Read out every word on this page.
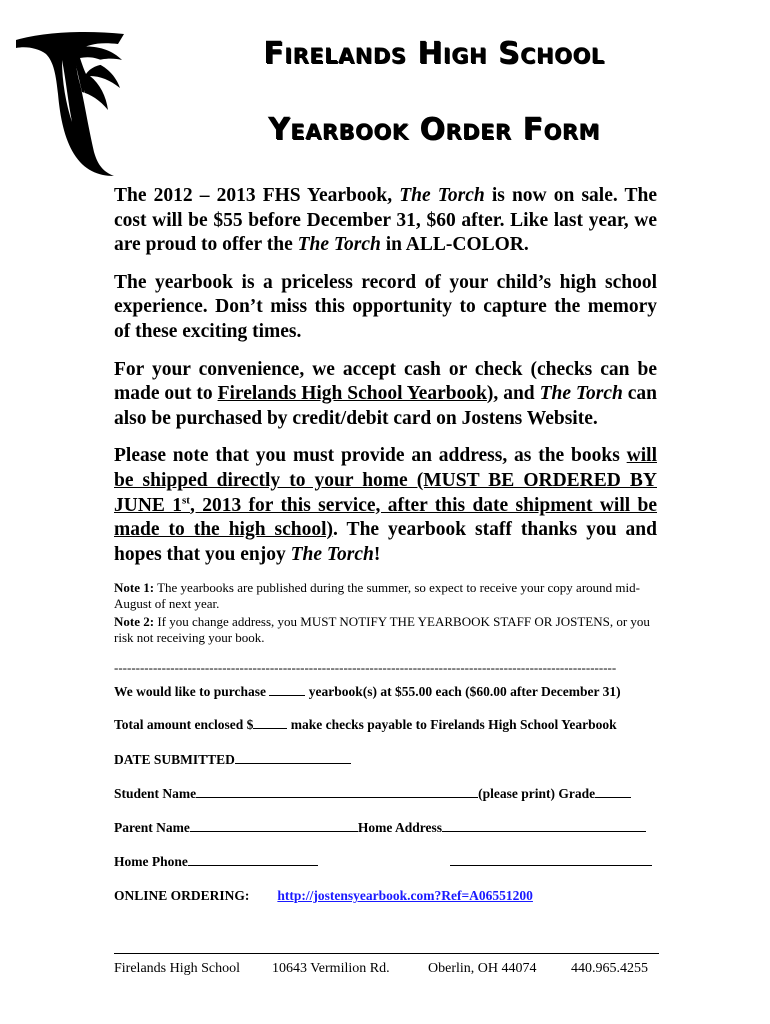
Firelands High School
Yearbook Order Form

The 2012 – 2013 FHS Yearbook, The Torch is now on sale. The cost will be $55 before December 31, $60 after. Like last year, we are proud to offer the The Torch in ALL-COLOR.

The yearbook is a priceless record of your child’s high school experience. Don’t miss this opportunity to capture the memory of these exciting times.

For your convenience, we accept cash or check (checks can be made out to Firelands High School Yearbook), and The Torch can also be purchased by credit/debit card on Jostens Website.

Please note that you must provide an address, as the books will be shipped directly to your home (MUST BE ORDERED BY JUNE 1st, 2013 for this service, after this date shipment will be made to the high school). The yearbook staff thanks you and hopes that you enjoy The Torch!

Note 1: The yearbooks are published during the summer, so expect to receive your copy around mid-August of next year.

Note 2: If you change address, you MUST NOTIFY THE YEARBOOK STAFF OR JOSTENS, or you risk not receiving your book.

--------------------------------------------------------------------------------------------------------------------
We would like to purchase	yearbook(s) at $55.00 each ($60.00 after December 31)
Total amount enclosed $	make checks payable to Firelands High School Yearbook
DATE SUBMITTED
Student Name	(please print) Grade
Parent Name	Home Address
Home Phone
ONLINE ORDERING: http://jostensyearbook.com?Ref=A06551200
Firelands High School 10643 Vermilion Rd.	Oberlin, OH 44074 440.965.4255
